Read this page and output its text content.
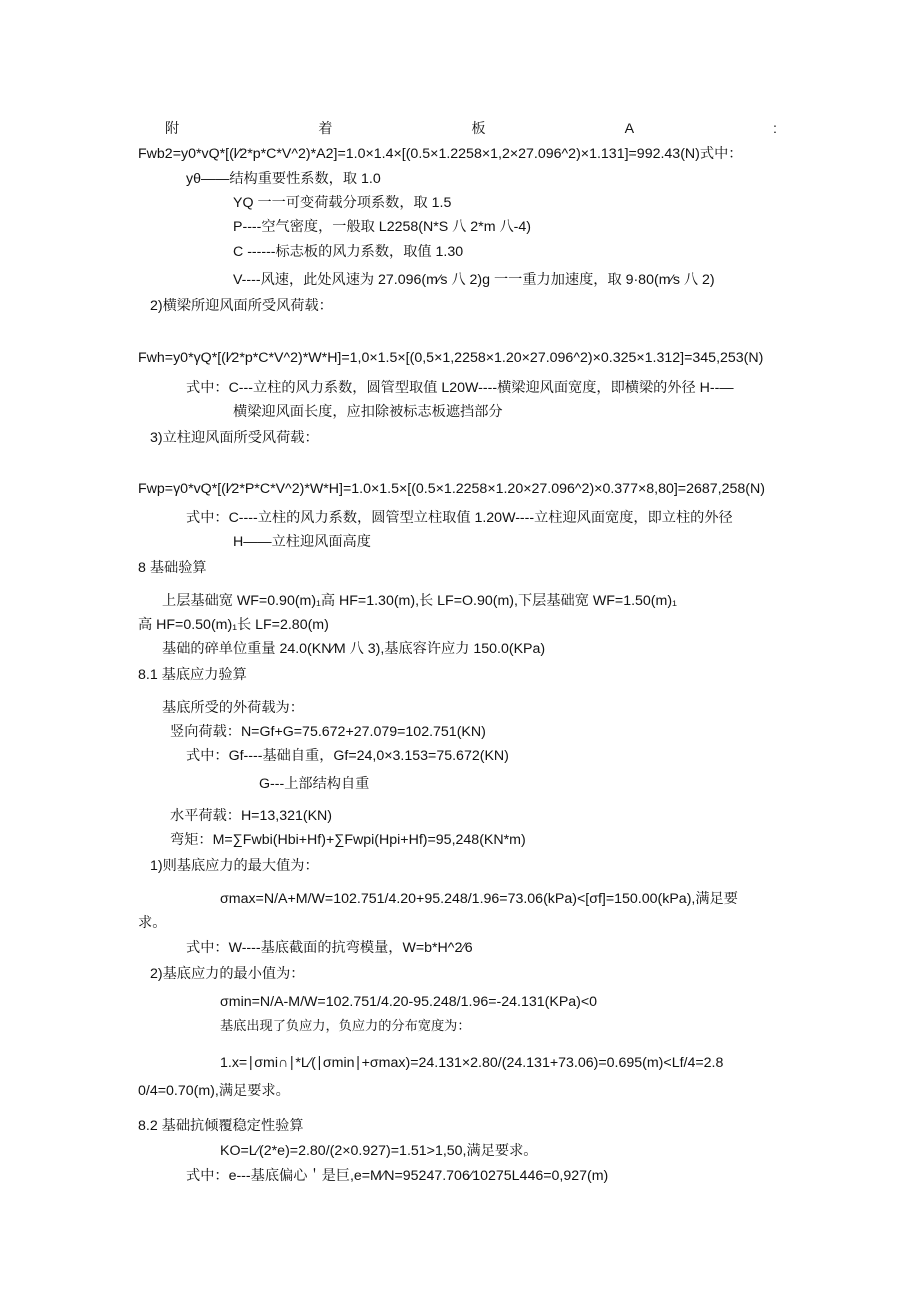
附	着	板	A	:
Fwb2=y0*vQ*[(l⁄2*p*C*V^2)*A2]=1.0×1.4×[(0.5×1.2258×1,2×27.096^2)×1.131]=992.43(N)式中：
yθ——结构重要性系数，取 1.0
YQ 一一可变荷载分项系数，取 1.5
P----空气密度，一般取 L2258(N*S 八 2*m 八-4)
C ------标志板的风力系数，取值 1.30
V----风速，此处风速为 27.096(m⁄s 八 2)g 一一重力加速度，取 9·80(m⁄s 八 2)
2)横梁所迎风面所受风荷载：
Fwh=y0*γQ*[(l⁄2*p*C*V^2)*W*H]=1,0×1.5×[(0,5×1,2258×1.20×27.096^2)×0.325×1.312]=345,253(N)
式中：C---立柱的风力系数，圆管型取值 L20W----横梁迎风面宽度，即横梁的外径 H--—
横梁迎风面长度，应扣除被标志板遮挡部分
3)立柱迎风面所受风荷载：
Fwp=γ0*vQ*[(l⁄2*P*C*V^2)*W*H]=1.0×1.5×[(0.5×1.2258×1.20×27.096^2)×0.377×8,80]=2687,258(N)
式中：C----立柱的风力系数，圆管型立柱取值 1.20W----立柱迎风面宽度，即立柱的外径
H——立柱迎风面高度
8 基础验算
上层基础宽 WF=0.90(m)₁高 HF=1.30(m),长 LF=O.90(m),下层基础宽 WF=1.50(m)₁
高 HF=0.50(m)₁长 LF=2.80(m)
基础的碎单位重量 24.0(KN⁄M 八 3),基底容许应力 150.0(KPa)
8.1 基底应力验算
基底所受的外荷载为：
竖向荷载：N=Gf+G=75.672+27.079=102.751(KN)
式中：Gf----基础自重，Gf=24,0×3.153=75.672(KN)
G---上部结构自重
水平荷载：H=13,321(KN)
弯矩：M=∑Fwbi(Hbi+Hf)+∑Fwpi(Hpi+Hf)=95,248(KN*m)
1)则基底应力的最大值为：
σmax=N/A+M/W=102.751/4.20+95.248/1.96=73.06(kPa)<[σf]=150.00(kPa),满足要
求。
式中：W----基底截面的抗弯模量，W=b*H^2⁄6
2)基底应力的最小值为：
σmin=N/A-M/W=102.751/4.20-95.248/1.96=-24.131(KPa)<0
基底出现了负应力，负应力的分布宽度为：
1.x=∣σmi∩∣*L⁄(∣σmin∣+σmax)=24.131×2.80/(24.131+73.06)=0.695(m)<Lf/4=2.8
0/4=0.70(m),满足要求。
8.2 基础抗倾覆稳定性验算
KO=L⁄(2*e)=2.80/(2×0.927)=1.51>1,50,满足要求。
式中：e---基底偏心＇是巨,e=M⁄N=95247.706⁄10275L446=0,927(m)
